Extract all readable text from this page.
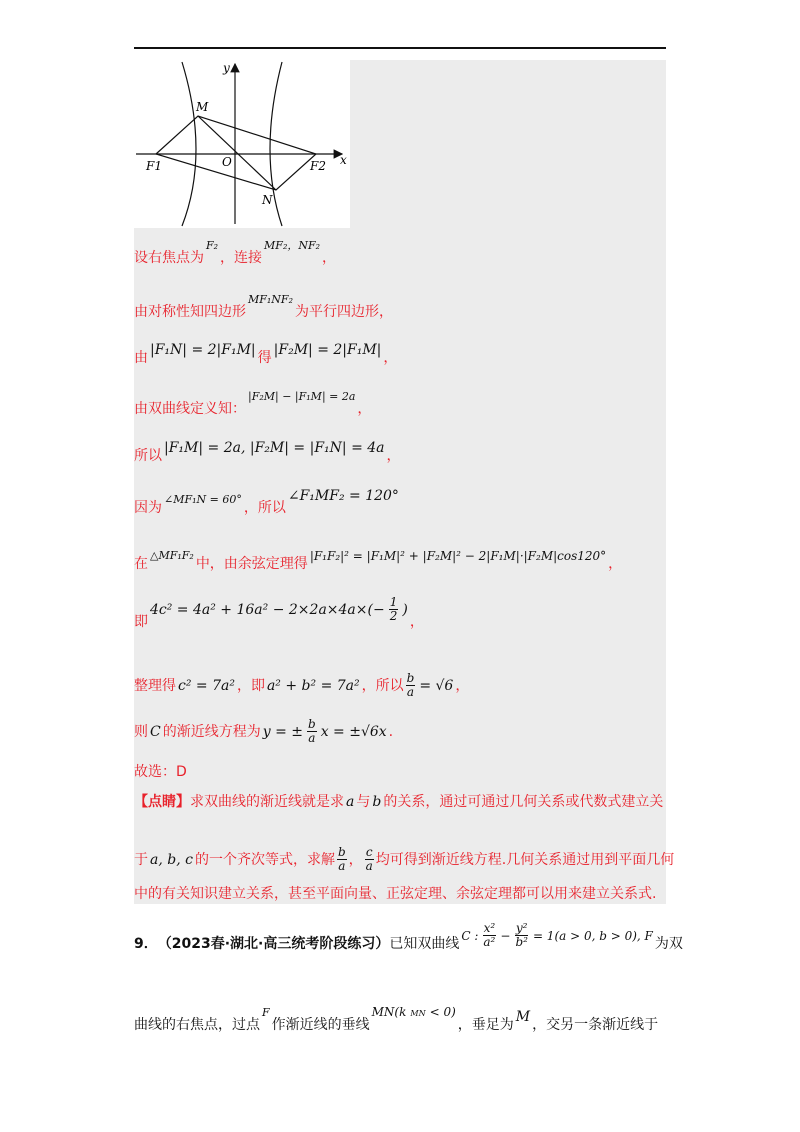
y
x
M
O
F1	F2
N
设右焦点为
F₂
，连接
MF₂，NF₂
，
由对称性知四边形
MF₁NF₂
为平行四边形，
由 |F₁N| = 2|F₁M| 得 |F₂M| = 2|F₁M| ，
由双曲线定义知：
|F₂M| − |F₁M| = 2a
，
所以 |F₁M| = 2a, |F₂M| = |F₁N| = 4a ，
因为
∠MF₁N = 60°
，所以
∠F₁MF₂ = 120°
在
△MF₁F₂
中，由余弦定理得 |F₁F₂|² = |F₁M|² + |F₂M|² − 2|F₁M|·|F₂M|cos120° ，
即
$4c^2 = 4a^2 + 16a^2 - 2\times 2a\times 4a\times(- \frac{1}{2}$ )
，
整理得 c² = 7a² ，即 a² + b² = 7a² ，所以 $\frac{b}{a} = √6$ ，
则 C 的渐近线方程为 y = ± $\frac{b}{a}$ x = ±√6x .
故选：D
【点睛】 求双曲线的渐近线就是求 a 与 b 的关系，通过可通过几何关系或代数式建立关
于 a, b, c 的一个齐次等式，求解 $\frac{b}{a}$ ， $\frac{c}{a}$ 均可得到渐近线方程.几何关系通过用到平面几何
中的有关知识建立关系，甚至平面向量、正弦定理、余弦定理都可以用来建立关系式.
9． （2023春·湖北·高三统考阶段练习） 已知双曲线 C : $\frac{\text{x²}}{\text{a²}} - \frac{\text{y²}}{\text{b²}} = 1(a > 0$, b > 0), F 为双
曲线的右焦点，过点
F
作渐近线的垂线
MN(k MN < 0)
，垂足为 M ，交另一条渐近线于
